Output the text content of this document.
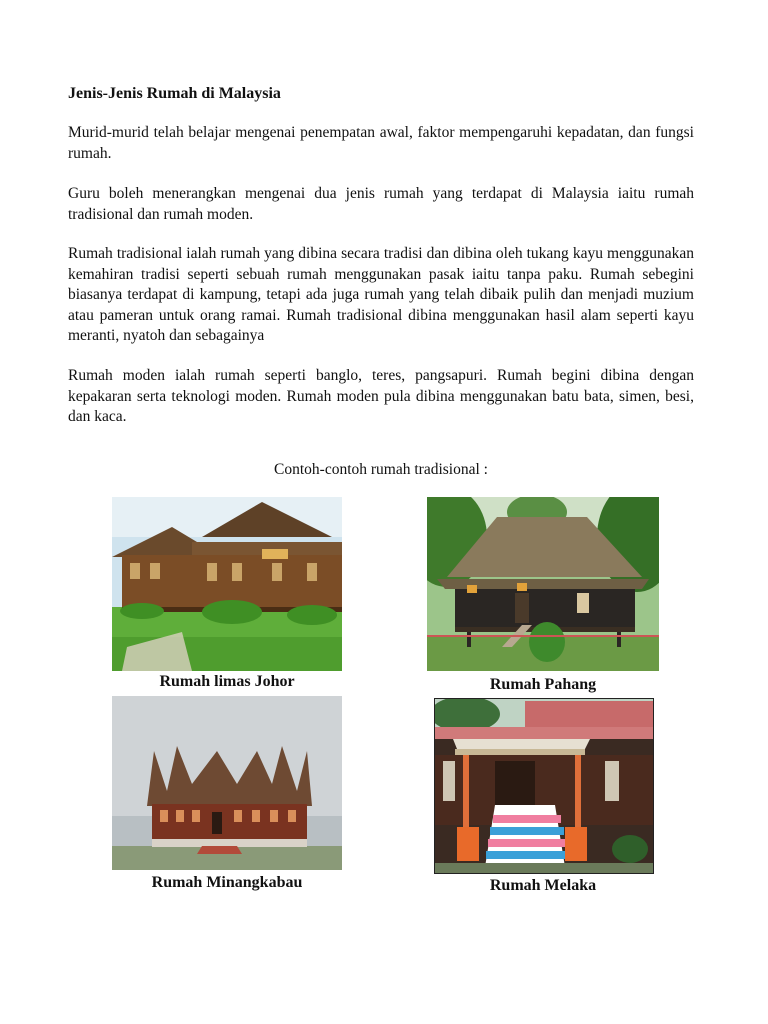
Jenis-Jenis Rumah di Malaysia

Murid-murid telah belajar mengenai penempatan awal, faktor mempengaruhi kepadatan, dan fungsi rumah.

Guru boleh menerangkan mengenai dua jenis rumah yang terdapat di Malaysia iaitu rumah tradisional dan rumah moden.

Rumah tradisional ialah rumah yang dibina secara tradisi dan dibina oleh tukang kayu menggunakan kemahiran tradisi seperti sebuah rumah menggunakan pasak iaitu tanpa paku. Rumah sebegini biasanya terdapat di kampung, tetapi ada juga rumah yang telah dibaik pulih dan menjadi muzium atau pameran untuk orang ramai. Rumah tradisional dibina menggunakan hasil alam seperti kayu meranti, nyatoh dan sebagainya

Rumah moden ialah rumah seperti banglo, teres, pangsapuri. Rumah begini dibina dengan kepakaran serta teknologi moden. Rumah moden pula dibina menggunakan batu bata, simen, besi, dan kaca.

Contoh-contoh rumah tradisional :
Rumah limas Johor	Rumah Pahang
Rumah Minangkabau	Rumah Melaka
